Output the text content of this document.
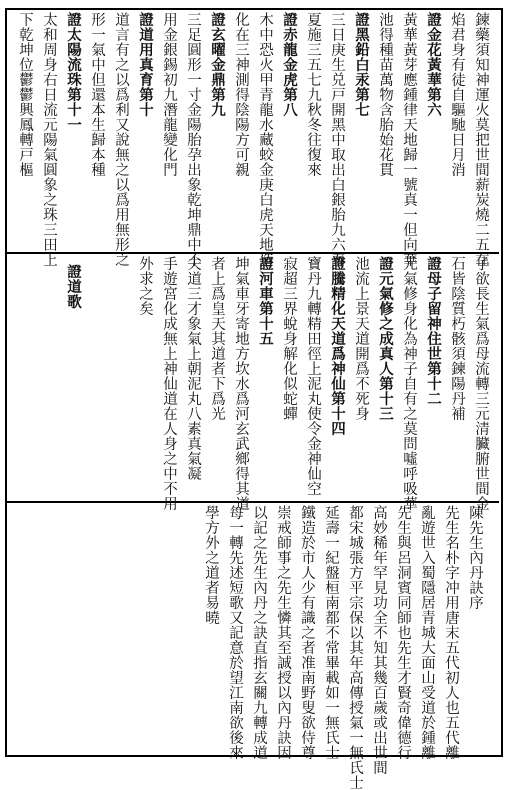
鍊藥須知神運火莫把世間薪炭燒二五在
焰君身有徒自驅馳日月消
證金花黃華第六
黃華黃芽應鍾律天地歸一號真一但向華
池得種苗萬物含胎始花貫
證黑鉛白汞第七
三日庚生兑戸開黑中取出白銀胎九六春
夏施三五七九秋冬往復來
證赤龍金虎第八
木中恐火甲青龍水藏蛟金庚白虎天地造
化在三神測得陰陽方可親
證玄曜金鼎第九
三足圓形一寸金陽胎孕出象乾坤鼎中不
用金銀錫初九潛龍變化門
證道用真育第十
道言有之以爲利又說無之以爲用無形之
形一氣中但還本生歸本種
證太陽流珠第十一
太和周身右日流元陽氣圓象之珠三田上
下乾坤位鬱鬱興鳳轉戸樞
子欲長生氣爲母流轉三元清臟腑世間金
石皆陰質朽骸須鍊陽丹補
證母子留神住世第十二
元氣修身化為神子自有之莫問噓呼吸華
證元氣修之成真人第十三
池流上景天道開爲不死身
證騰精化天道爲神仙第十四
寶丹九轉精田徑上泥丸使令金神仙空
寂超三界蛻身解化似蛇蟬
證河車第十五
坤氣車牙寄地方坎水爲河玄武鄉得其道
者上爲皇天其道者下爲光
夫道三才象氣上朝泥丸八素真氣凝
手遊宮化成無上神仙道在人身之中不用
外求之矣
證道歌
陳先生內丹訣序
先生名朴字冲用唐末五代初人也五代離
亂遊世入蜀隱居青城大面山受道於鍾離
先生與呂洞賓同師也先生才賢奇偉德行
高妙稀年罕見功全不知其幾百歲或出世間
都宋城張方平宗保以其年高傳授氣一無氏士
延壽一紀盤桓南都不常畢載如一無氏士
鐵造於市人少有識之者准南野叟欲侍尊
崇戒師事之先生憐其至誠授以內丹訣因
以記之先生內丹之訣直指玄關九轉成道
每一轉先述短歌又記意於望江南欲後來
學方外之道者易曉
